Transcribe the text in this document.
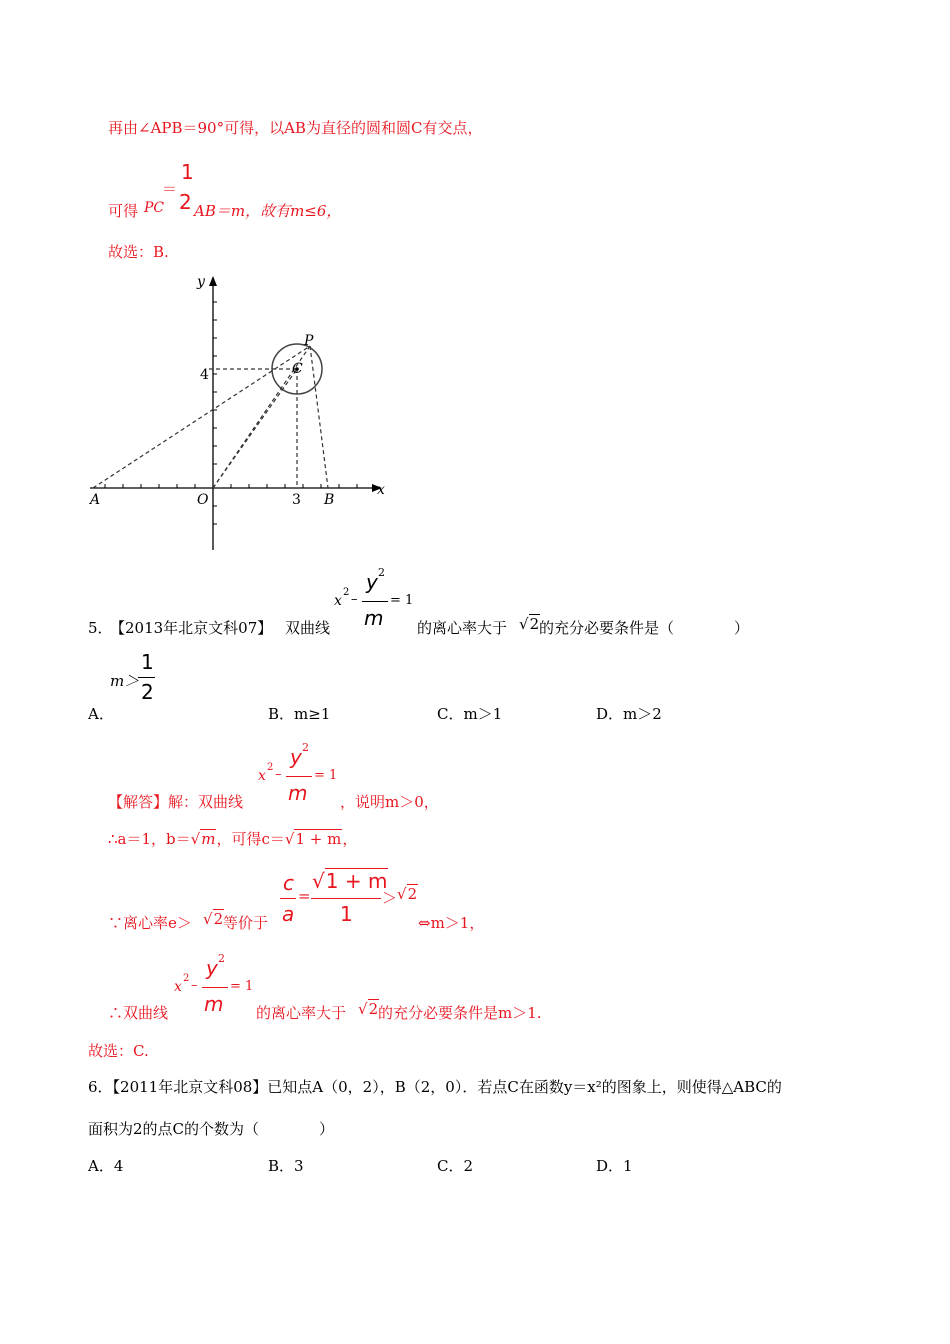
再由∠APB＝90°可得，以AB为直径的圆和圆C有交点，
可得 PC
＝
1
2 AB＝m，故有m≤6，
故选：B.
y
x
A	O	B
C
P
4
3
5．
【2013年北京文科07】 双曲线
x
2 –
y 2
m
= 1
的离心率大于 √2 的充分必要条件是（　　　　）
A．
m＞
1
2
B．m≥1	C．m＞1	D．m＞2
【解答】解：双曲线
x
2 –
y 2
m
= 1
，说明m＞0，
∴a＝1，b＝√m，可得c＝√1 + m，
∵离心率e＞ √2 等价于
c
a
=
√1 + m
1
＞ √2
⇔m＞1，
∴双曲线
x
2 –
y 2
m
= 1
的离心率大于 √2 的充分必要条件是m＞1.
故选：C.
6．【2011年北京文科08】已知点A（0，2），B（2，0）．若点C在函数y＝x²的图象上，则使得△ABC的
面积为2的点C的个数为（　　　　）
A．4	B．3	C．2	D．1
